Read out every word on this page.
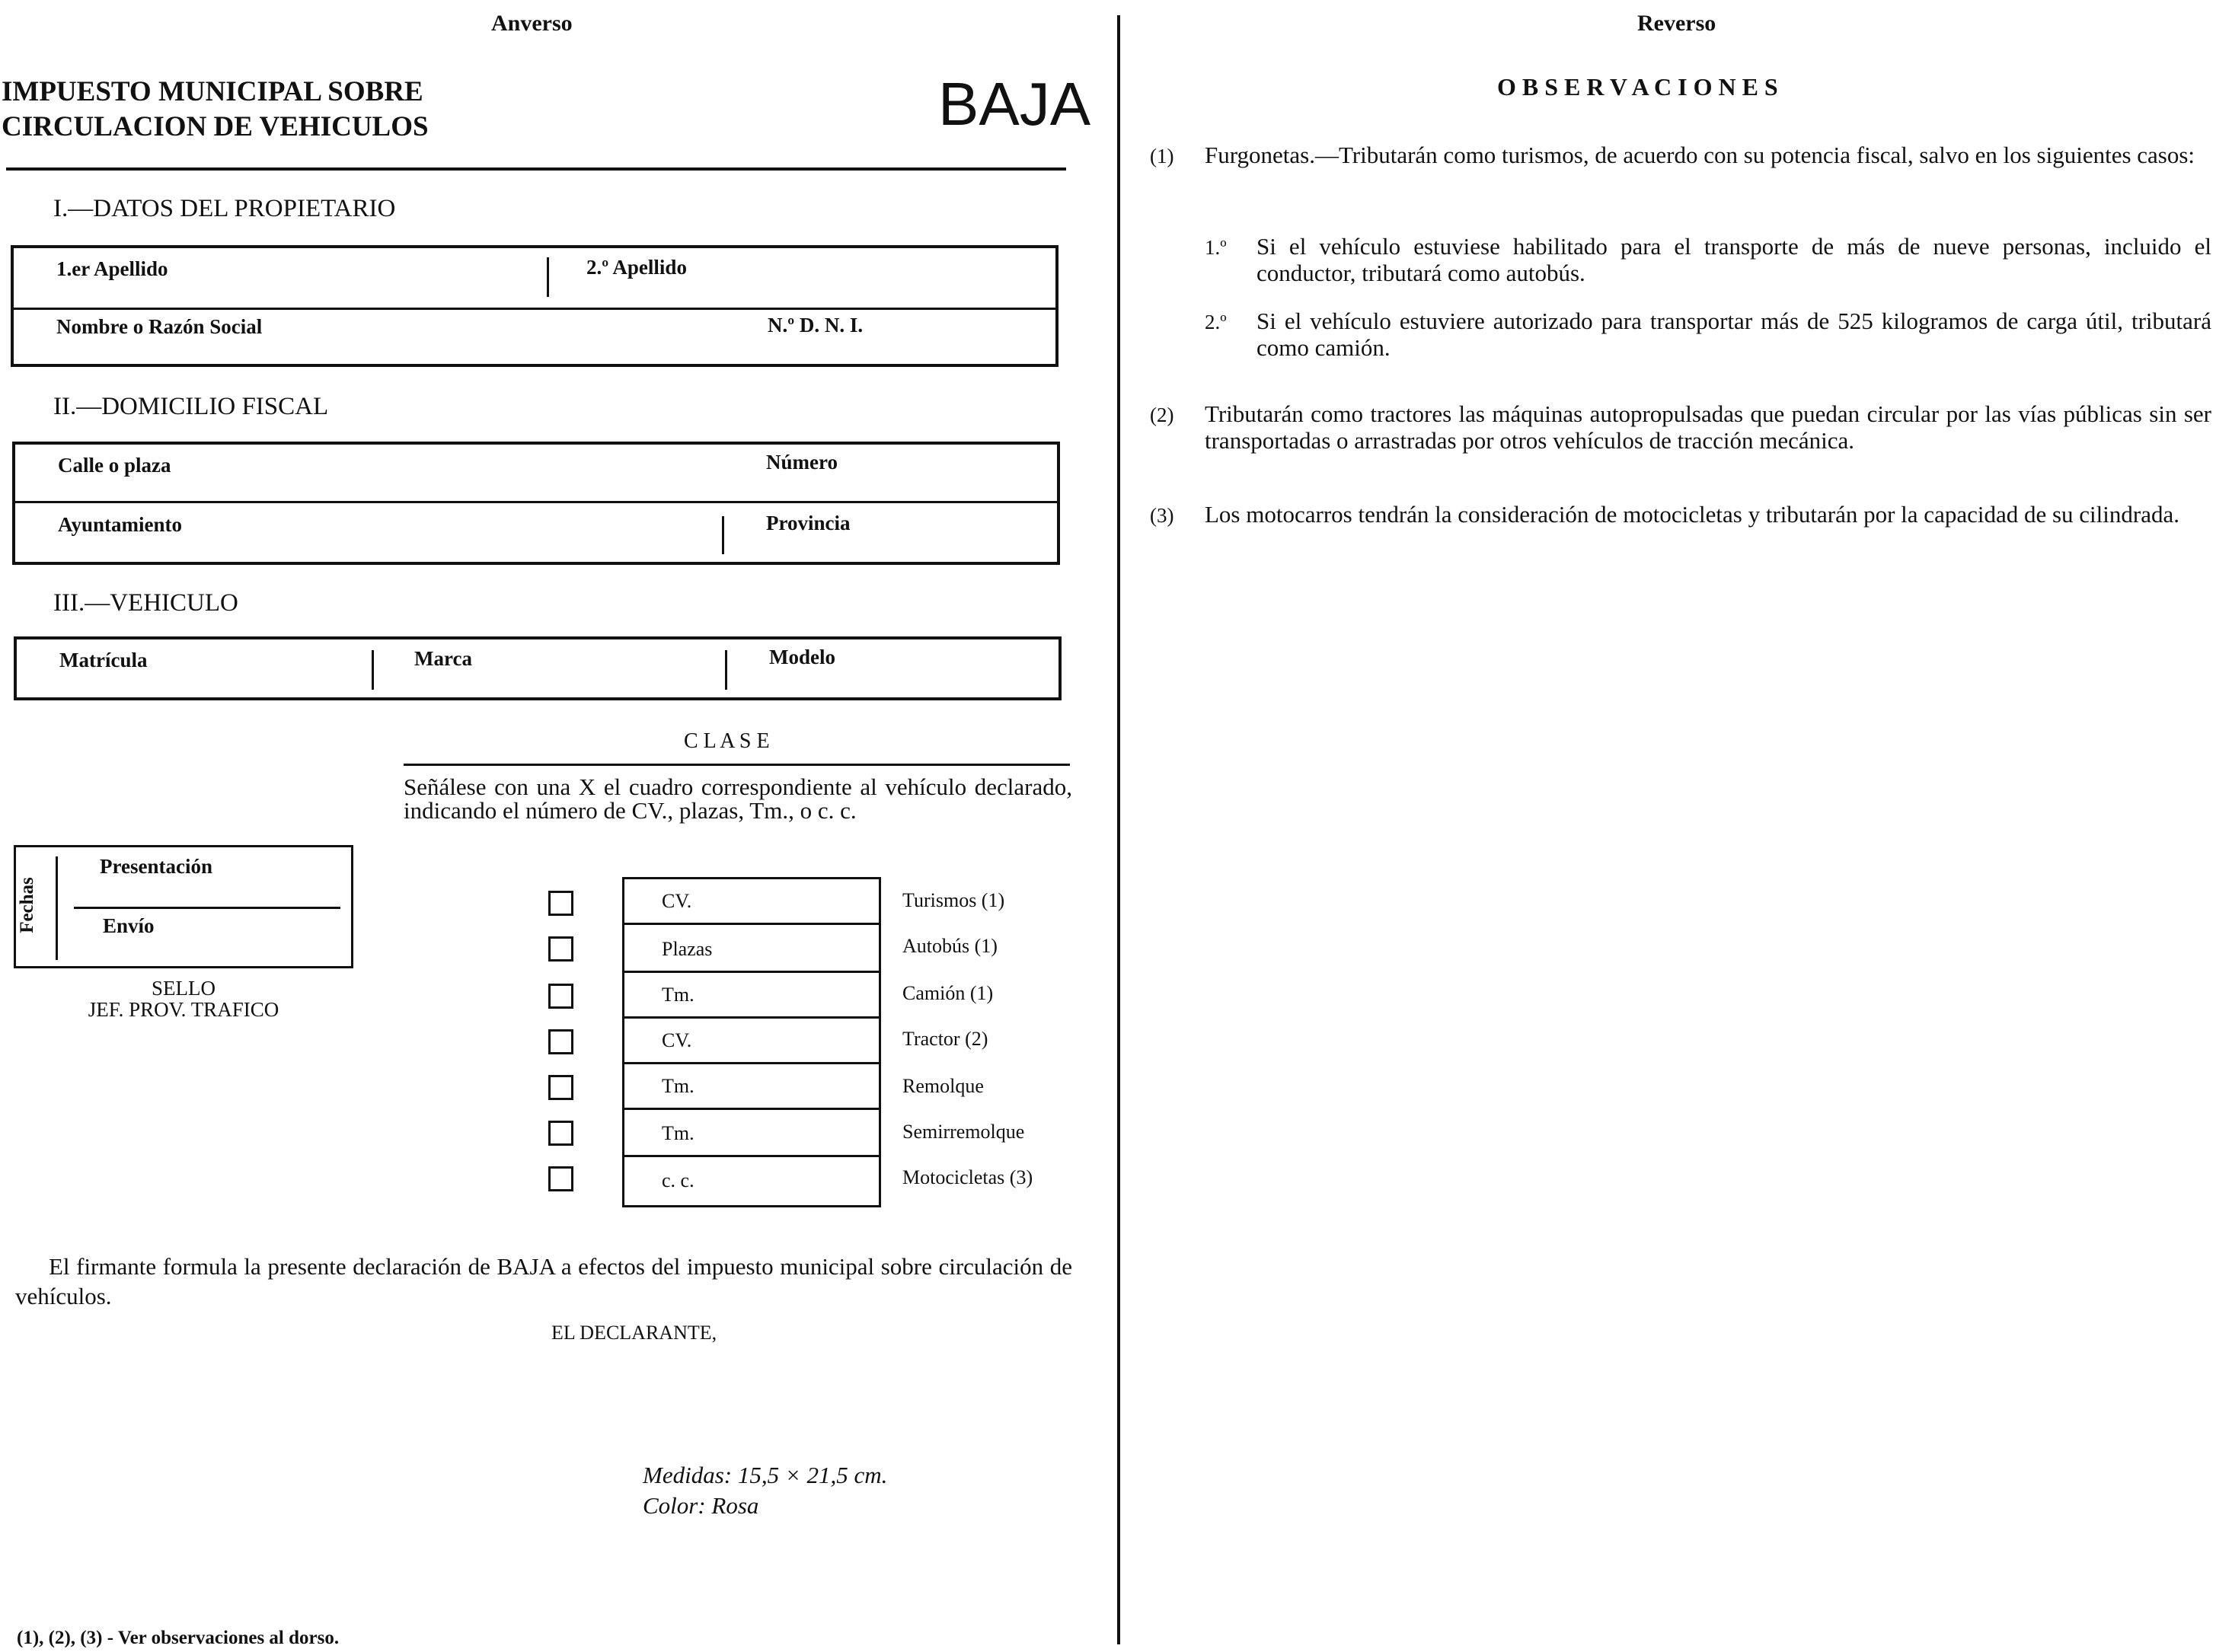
Anverso
IMPUESTO MUNICIPAL SOBRE
CIRCULACION DE VEHICULOS	BAJA
I.—DATOS DEL PROPIETARIO
1.er Apellido	2.º Apellido
Nombre o Razón Social	N.º D. N. I.
II.—DOMICILIO FISCAL
Calle o plaza	Número
Ayuntamiento	Provincia
III.—VEHICULO
Matrícula	Marca	Modelo
C L A S E
Señálese con una X el cuadro correspondiente al vehículo declarado, indicando el número de CV., plazas, Tm., o c. c.
CV.	Turismos (1)
Plazas	Autobús (1)
Tm.	Camión (1)
CV.	Tractor (2)
Tm.	Remolque
Tm.	Semirremolque
c. c.	Motocicletas (3)
Fechas
Presentación
Envío
SELLO
JEF. PROV. TRAFICO
El firmante formula la presente declaración de BAJA a efectos del impuesto municipal sobre circulación de vehículos.
EL DECLARANTE,
Medidas: 15,5 × 21,5 cm.
Color: Rosa
(1), (2), (3) - Ver observaciones al dorso.
Reverso
O B S E R V A C I O N E S
(1) Furgonetas.—Tributarán como turismos, de acuerdo con su potencia fiscal, salvo en los siguientes casos:
1.º Si el vehículo estuviese habilitado para el transporte de más de nueve personas, incluido el conductor, tributará como autobús.
2.º Si el vehículo estuviere autorizado para transportar más de 525 kilogramos de carga útil, tributará como camión.
(2) Tributarán como tractores las máquinas autopropulsadas que puedan circular por las vías públicas sin ser transportadas o arrastradas por otros vehículos de tracción mecánica.
(3) Los motocarros tendrán la consideración de motocicletas y tributarán por la capacidad de su cilindrada.
